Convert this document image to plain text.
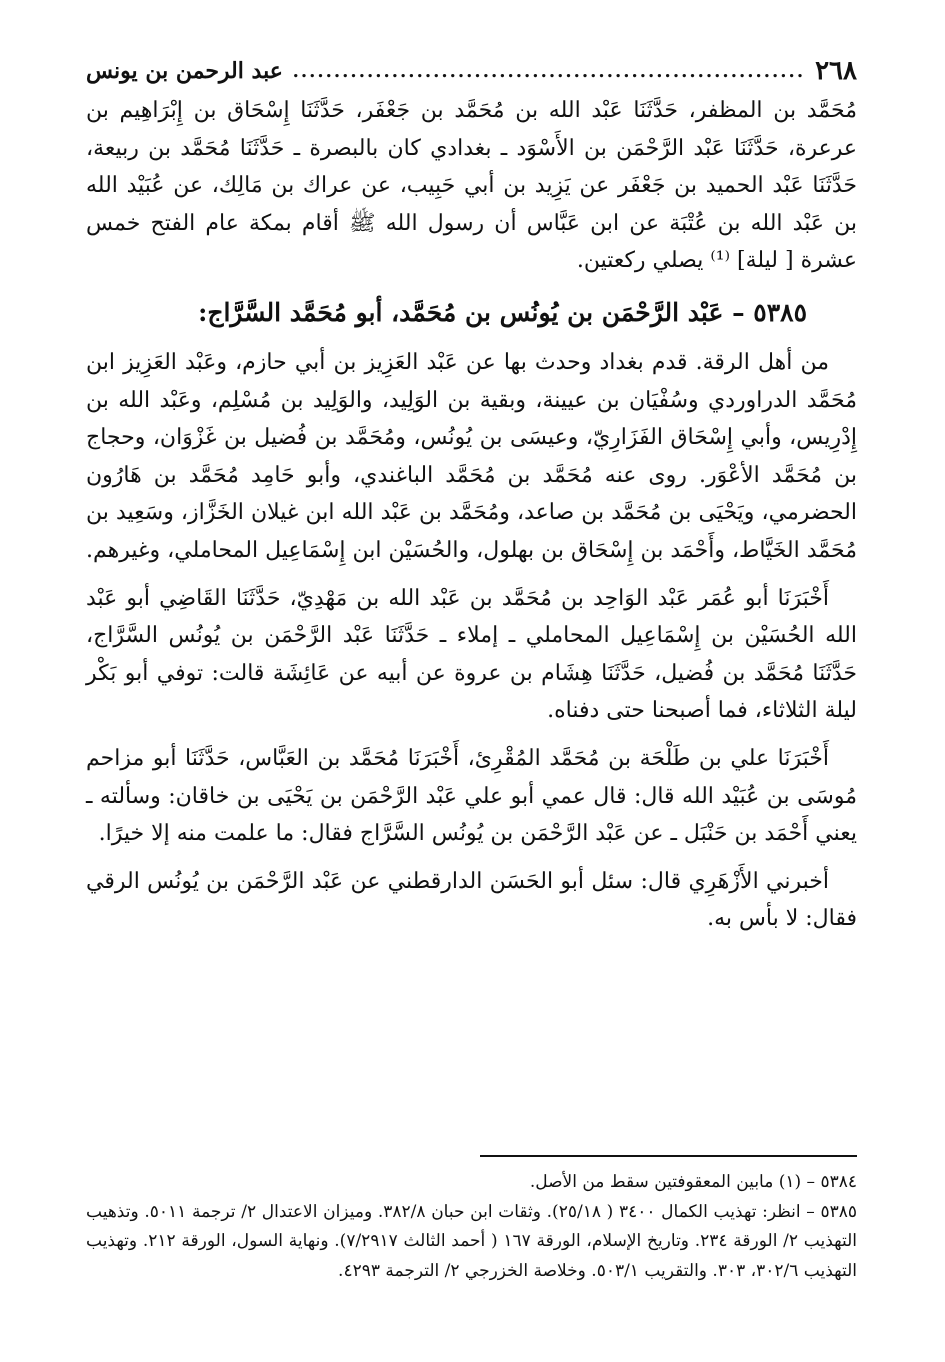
٢٦٨
.....
عبد الرحمن بن يونس

مُحَمَّد بن المظفر، حَدَّثَنَا عَبْد الله بن مُحَمَّد بن جَعْفَر، حَدَّثَنَا إِسْحَاق بن إِبْرَاهِيم بن عرعرة، حَدَّثَنَا عَبْد الرَّحْمَن بن الأَسْوَد ـ بغدادي كان بالبصرة ـ حَدَّثَنَا مُحَمَّد بن ربيعة، حَدَّثَنَا عَبْد الحميد بن جَعْفَر عن يَزِيد بن أبي حَبِيب، عن عراك بن مَالِك، عن عُبَيْد الله بن عَبْد الله بن عُتْبَة عن ابن عَبَّاس أن رسول الله ﷺ أقام بمكة عام الفتح خمس عشرة [ ليلة] ⁽¹⁾ يصلي ركعتين.

٥٣٨٥ – عَبْد الرَّحْمَن بن يُونُس بن مُحَمَّد، أبو مُحَمَّد السَّرَّاج:

من أهل الرقة. قدم بغداد وحدث بها عن عَبْد العَزِيز بن أبي حازم، وعَبْد العَزِيز ابن مُحَمَّد الدراوردي وسُفْيَان بن عيينة، وبقية بن الوَلِيد، والوَلِيد بن مُسْلِم، وعَبْد الله بن إِدْرِيس، وأبي إِسْحَاق الفَزَارِيّ، وعيسَى بن يُونُس، ومُحَمَّد بن فُضيل بن غَزْوَان، وحجاج بن مُحَمَّد الأعْوَر. روى عنه مُحَمَّد بن مُحَمَّد الباغندي، وأبو حَامِد مُحَمَّد بن هَارُون الحضرمي، ويَحْيَى بن مُحَمَّد بن صاعد، ومُحَمَّد بن عَبْد الله ابن غيلان الخَزَّاز، وسَعِيد بن مُحَمَّد الخَيَّاط، وأَحْمَد بن إِسْحَاق بن بهلول، والحُسَيْن ابن إِسْمَاعِيل المحاملي، وغيرهم.

أَخْبَرَنَا أبو عُمَر عَبْد الوَاحِد بن مُحَمَّد بن عَبْد الله بن مَهْدِيّ، حَدَّثَنَا القَاضِي أبو عَبْد الله الحُسَيْن بن إِسْمَاعِيل المحاملي ـ إملاء ـ حَدَّثَنَا عَبْد الرَّحْمَن بن يُونُس السَّرَّاج، حَدَّثَنَا مُحَمَّد بن فُضيل، حَدَّثَنَا هِشَام بن عروة عن أبيه عن عَائِشَة قالت: توفي أبو بَكْر ليلة الثلاثاء، فما أصبحنا حتى دفناه.

أَخْبَرَنَا علي بن طَلْحَة بن مُحَمَّد المُقْرِئ، أَخْبَرَنَا مُحَمَّد بن العَبَّاس، حَدَّثَنَا أبو مزاحم مُوسَى بن عُبَيْد الله قال: قال عمي أبو علي عَبْد الرَّحْمَن بن يَحْيَى بن خاقان: وسألته ـ يعني أَحْمَد بن حَنْبَل ـ عن عَبْد الرَّحْمَن بن يُونُس السَّرَّاج فقال: ما علمت منه إلا خيرًا.

أخبرني الأَزْهَرِي قال: سئل أبو الحَسَن الدارقطني عن عَبْد الرَّحْمَن بن يُونُس الرقي فقال: لا بأس به.

٥٣٨٤ – (١) مابين المعقوفتين سقط من الأصل.

٥٣٨٥ – انظر: تهذيب الكمال ٣٤٠٠ ( ٢٥/١٨). وثقات ابن حبان ٣٨٢/٨. وميزان الاعتدال ٢/ ترجمة ٥٠١١. وتذهيب التهذيب ٢/ الورقة ٢٣٤. وتاريخ الإسلام، الورقة ١٦٧ ( أحمد الثالث ٧/٢٩١٧). ونهاية السول، الورقة ٢١٢. وتهذيب التهذيب ٣٠٢/٦، ٣٠٣. والتقريب ٥٠٣/١. وخلاصة الخزرجي ٢/ الترجمة ٤٢٩٣.
